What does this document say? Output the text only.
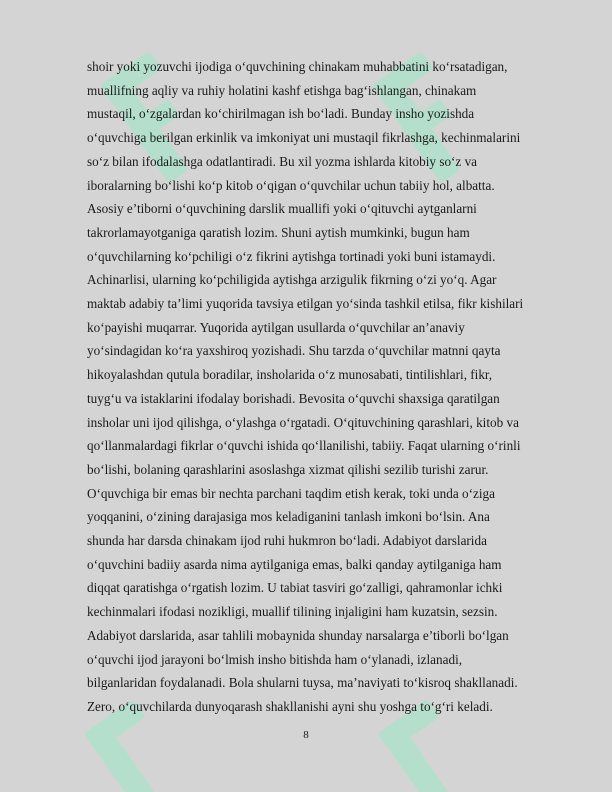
shoir yoki yozuvchi ijodiga o‘quvchining chinakam muhabbatini ko‘rsatadigan,

muallifning aqliy va ruhiy holatini kashf etishga bag‘ishlangan, chinakam

mustaqil, o‘zgalardan ko‘chirilmagan ish bo‘ladi. Bunday insho yozishda

o‘quvchiga berilgan erkinlik va imkoniyat uni mustaqil fikrlashga, kechinmalarini

so‘z bilan ifodalashga odatlantiradi. Bu xil yozma ishlarda kitobiy so‘z va

iboralarning bo‘lishi ko‘p kitob o‘qigan o‘quvchilar uchun tabiiy hol, albatta.

Asosiy e’tiborni o‘quvchining darslik muallifi yoki o‘qituvchi aytganlarni

takrorlamayotganiga qaratish lozim. Shuni aytish mumkinki, bugun ham

o‘quvchilarning ko‘pchiligi o‘z fikrini aytishga tortinadi yoki buni istamaydi.

Achinarlisi, ularning ko‘pchiligida aytishga arzigulik fikrning o‘zi yo‘q. Agar

maktab adabiy ta’limi yuqorida tavsiya etilgan yo‘sinda tashkil etilsa, fikr kishilari

ko‘payishi muqarrar. Yuqorida aytilgan usullarda o‘quvchilar an’anaviy

yo‘sindagidan ko‘ra yaxshiroq yozishadi. Shu tarzda o‘quvchilar matnni qayta

hikoyalashdan qutula boradilar, insholarida o‘z munosabati, tintilishlari, fikr,

tuyg‘u va istaklarini ifodalay borishadi. Bevosita o‘quvchi shaxsiga qaratilgan

insholar uni ijod qilishga, o‘ylashga o‘rgatadi. O‘qituvchining qarashlari, kitob va

qo‘llanmalardagi fikrlar o‘quvchi ishida qo‘llanilishi, tabiiy. Faqat ularning o‘rinli

bo‘lishi, bolaning qarashlarini asoslashga xizmat qilishi sezilib turishi zarur.

O‘quvchiga bir emas bir nechta parchani taqdim etish kerak, toki unda o‘ziga

yoqqanini, o‘zining darajasiga mos keladiganini tanlash imkoni bo‘lsin. Ana

shunda har darsda chinakam ijod ruhi hukmron bo‘ladi. Adabiyot darslarida

o‘quvchini badiiy asarda nima aytilganiga emas, balki qanday aytilganiga ham

diqqat qaratishga o‘rgatish lozim. U tabiat tasviri go‘zalligi, qahramonlar ichki

kechinmalari ifodasi nozikligi, muallif tilining injaligini ham kuzatsin, sezsin.

Adabiyot darslarida, asar tahlili mobaynida shunday narsalarga e’tiborli bo‘lgan

o‘quvchi ijod jarayoni bo‘lmish insho bitishda ham o‘ylanadi, izlanadi,

bilganlaridan foydalanadi. Bola shularni tuysa, ma’naviyati to‘kisroq shakllanadi.

Zero, o‘quvchilarda dunyoqarash shakllanishi ayni shu yoshga to‘g‘ri keladi.

8
